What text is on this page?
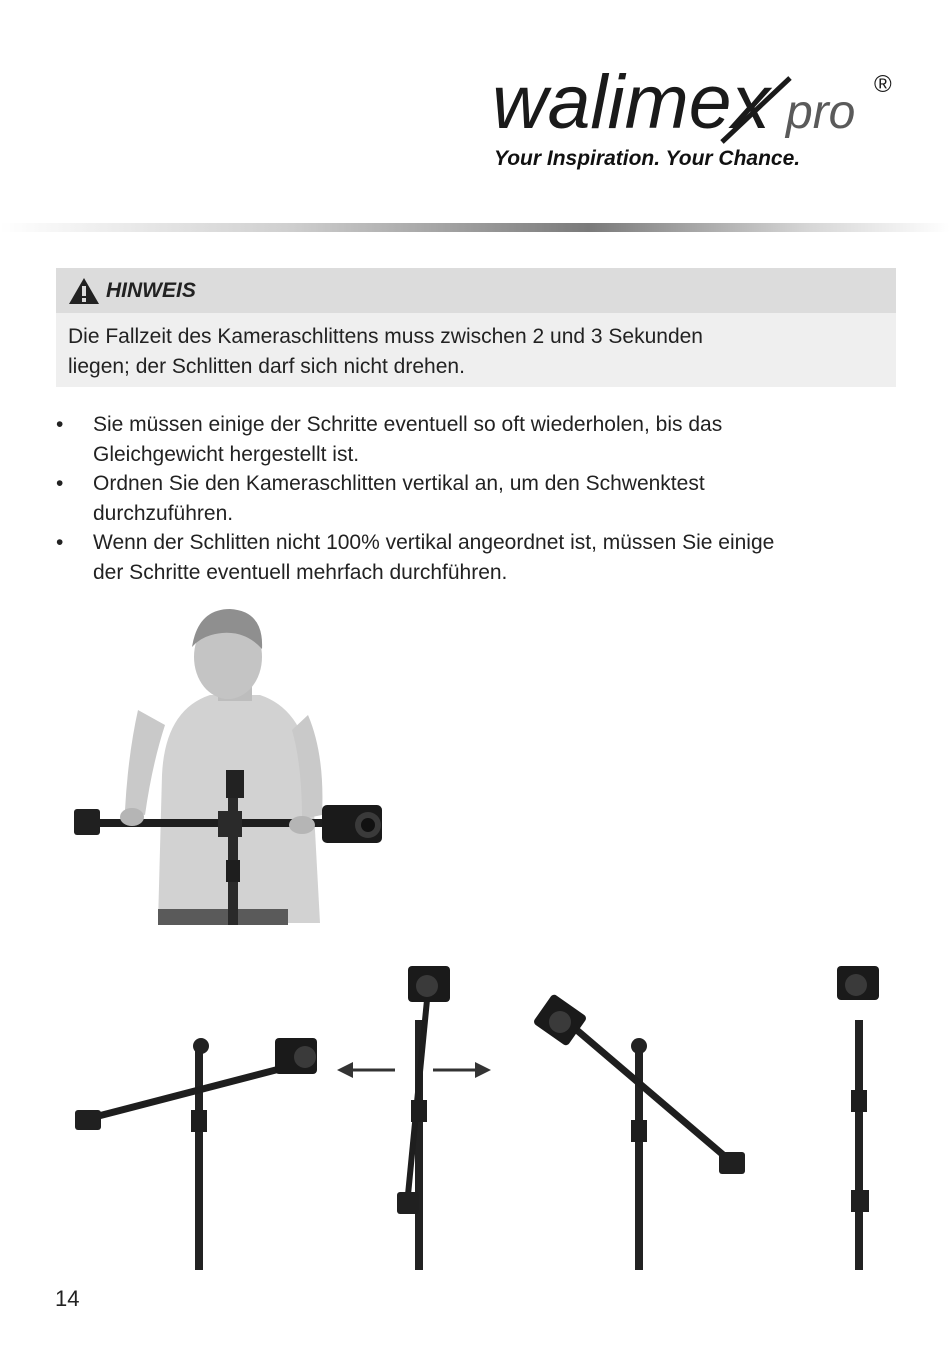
walimex pro
®
Your Inspiration. Your Chance.
HINWEIS
Die Fallzeit des Kameraschlittens muss zwischen 2 und 3 Sekunden
liegen; der Schlitten darf sich nicht drehen.
• Sie müssen einige der Schritte eventuell so oft wiederholen, bis das
Gleichgewicht hergestellt ist.
• Ordnen Sie den Kameraschlitten vertikal an, um den Schwenktest
durchzuführen.
• Wenn der Schlitten nicht 100% vertikal angeordnet ist, müssen Sie einige
der Schritte eventuell mehrfach durchführen.
14
